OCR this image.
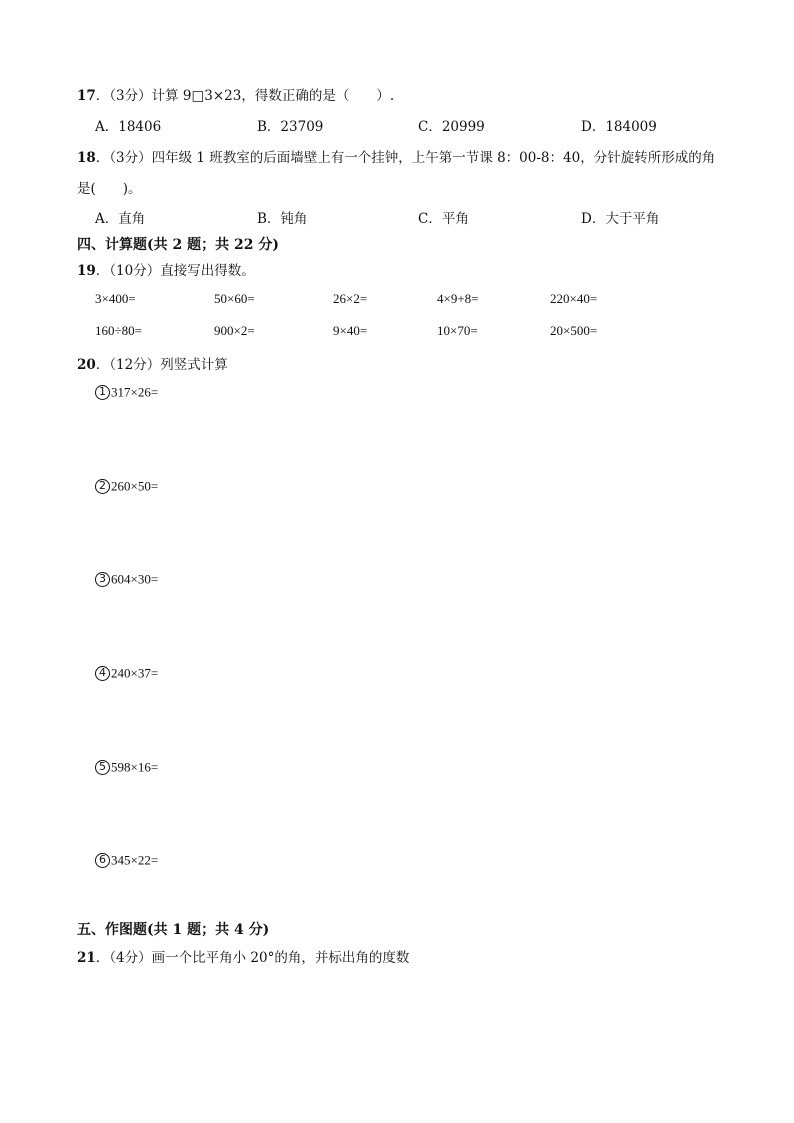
17．（3分）计算 9□3×23，得数正确的是（　　）.
A．18406	B．23709	C．20999	D．184009
18．（3分）四年级 1 班教室的后面墙壁上有一个挂钟，上午第一节课 8：00-8：40，分针旋转所形成的角
是(　　)。
A．直角	B．钝角	C．平角	D．大于平角
四、计算题(共 2 题；共 22 分)
19．（10分）直接写出得数。
3×400=	50×60=	26×2=	4×9+8=	220×40=
160÷80=	900×2=	9×40=	10×70=	20×500=
20．（12分）列竖式计算
1 317×26=
2 260×50=
3 604×30=
4 240×37=
5 598×16=
6 345×22=
五、作图题(共 1 题；共 4 分)
21．（4分）画一个比平角小 20°的角，并标出角的度数
